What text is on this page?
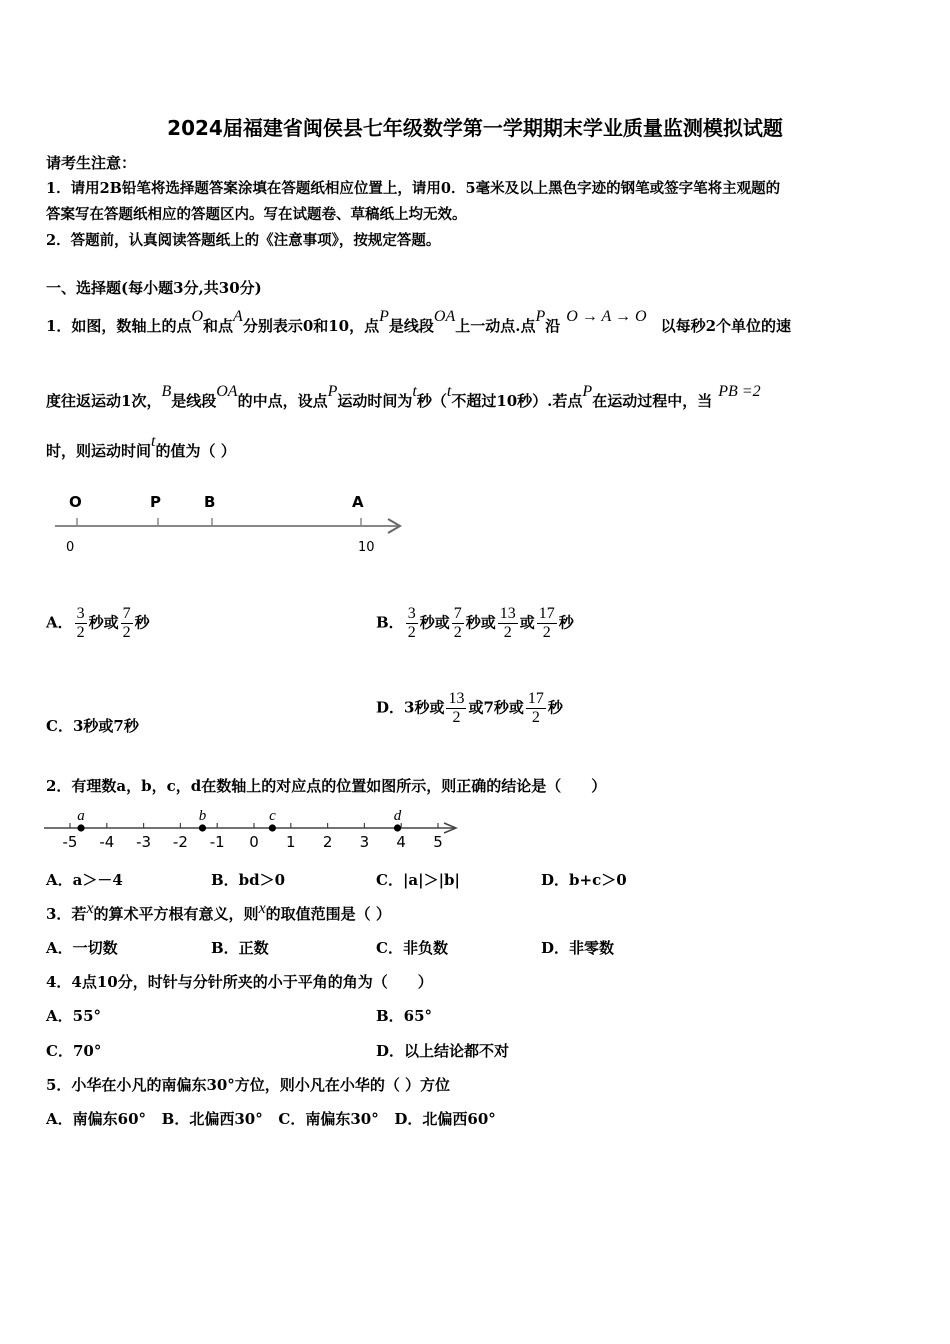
2024届福建省闽侯县七年级数学第一学期期末学业质量监测模拟试题
请考生注意：
1．请用2B铅笔将选择题答案涂填在答题纸相应位置上，请用0．5毫米及以上黑色字迹的钢笔或签字笔将主观题的
答案写在答题纸相应的答题区内。写在试题卷、草稿纸上均无效。
2．答题前，认真阅读答题纸上的《注意事项》，按规定答题。
一、选择题(每小题3分,共30分)
1．如图，数轴上的点O和点A分别表示0和10，点P是线段OA上一动点.点P沿O → A → O以每秒2个单位的速
度往返运动1次，B是线段OA的中点，设点P运动时间为t秒（t不超过10秒）.若点P在运动过程中，当PB =2
时，则运动时间t的值为（ ）
O	P	B	A
0	10
A． $\frac{3}{2}$ 秒或 $\frac{7}{2}$ 秒	B． $\frac{3}{2}$ 秒或 $\frac{7}{2}$ 秒或 $\frac{13}{2}$ 或 $\frac{17}{2}$ 秒
C．3秒或7秒
D．3秒或 $\frac{13}{2}$ 或7秒或 $\frac{17}{2}$ 秒
2．有理数a，b，c，d在数轴上的对应点的位置如图所示，则正确的结论是（　　）
-5 -4 -3 -2 -1 0 1 2 3 4 5
a	b	c	d
A．a＞－4	B．bd＞0	C．|a|＞|b|	D．b+c＞0
3．若x的算术平方根有意义，则x的取值范围是（ ）
A．一切数	B．正数	C．非负数	D．非零数
4．4点10分，时针与分针所夹的小于平角的角为（　　）
A．55°	B．65°
C．70°	D．以上结论都不对
5．小华在小凡的南偏东30°方位，则小凡在小华的（ ）方位
A．南偏东60°   B．北偏西30°   C．南偏东30°   D．北偏西60°
